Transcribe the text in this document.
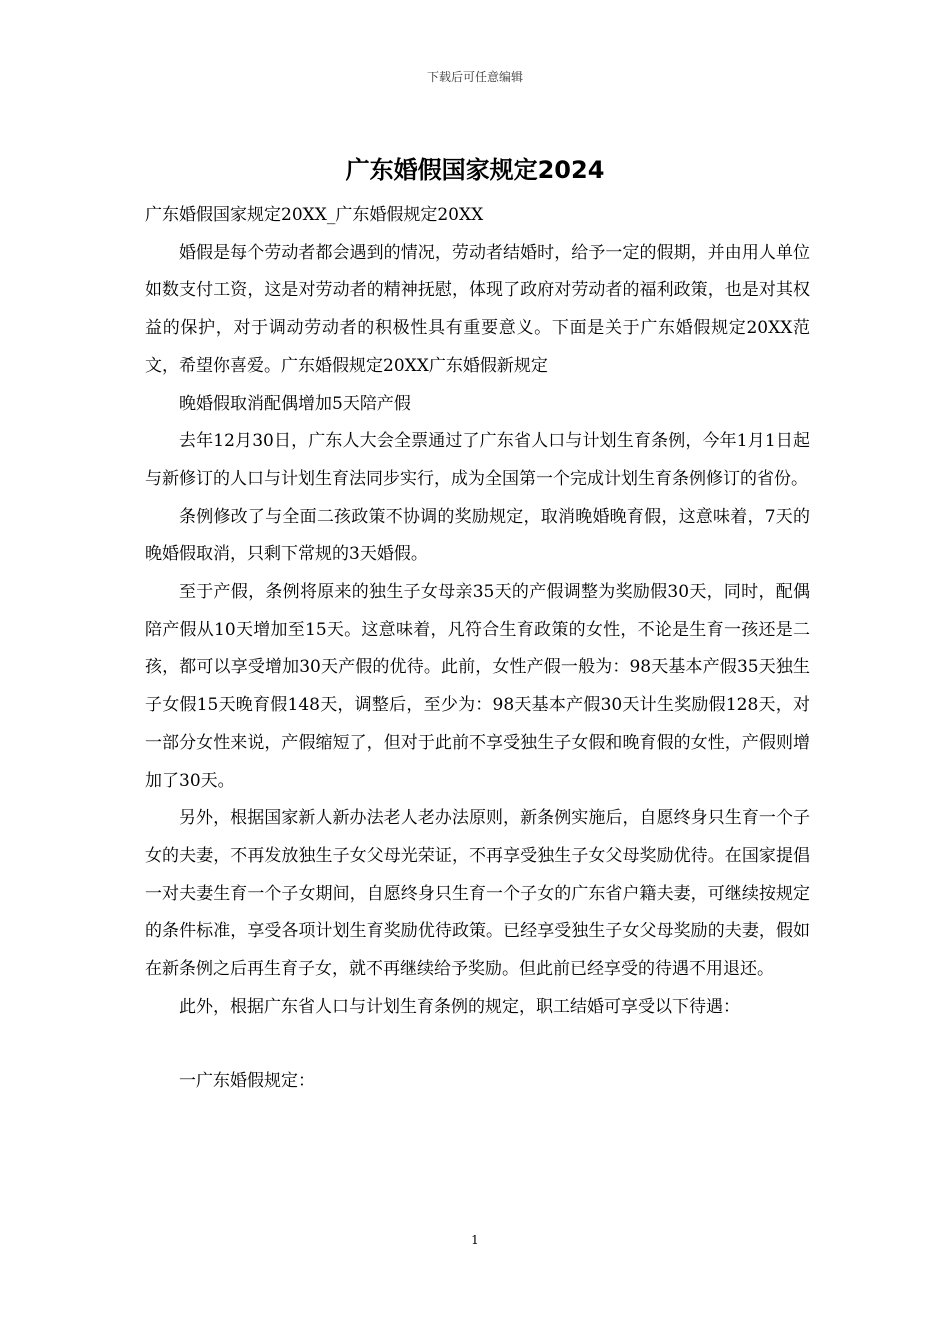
下载后可任意编辑
广东婚假国家规定2024

广东婚假国家规定20XX_广东婚假规定20XX

婚假是每个劳动者都会遇到的情况，劳动者结婚时，给予一定的假期，并由用人单位如数支付工资，这是对劳动者的精神抚慰，体现了政府对劳动者的福利政策，也是对其权益的保护，对于调动劳动者的积极性具有重要意义。下面是关于广东婚假规定20XX范文，希望你喜爱。广东婚假规定20XX广东婚假新规定

晚婚假取消配偶增加5天陪产假

去年12月30日，广东人大会全票通过了广东省人口与计划生育条例，今年1月1日起与新修订的人口与计划生育法同步实行，成为全国第一个完成计划生育条例修订的省份。

条例修改了与全面二孩政策不协调的奖励规定，取消晚婚晚育假，这意味着，7天的晚婚假取消，只剩下常规的3天婚假。

至于产假，条例将原来的独生子女母亲35天的产假调整为奖励假30天，同时，配偶陪产假从10天增加至15天。这意味着，凡符合生育政策的女性，不论是生育一孩还是二孩，都可以享受增加30天产假的优待。此前，女性产假一般为：98天基本产假35天独生子女假15天晚育假148天，调整后，至少为：98天基本产假30天计生奖励假128天，对一部分女性来说，产假缩短了，但对于此前不享受独生子女假和晚育假的女性，产假则增加了30天。

另外，根据国家新人新办法老人老办法原则，新条例实施后，自愿终身只生育一个子女的夫妻，不再发放独生子女父母光荣证，不再享受独生子女父母奖励优待。在国家提倡一对夫妻生育一个子女期间，自愿终身只生育一个子女的广东省户籍夫妻，可继续按规定的条件标准，享受各项计划生育奖励优待政策。已经享受独生子女父母奖励的夫妻，假如在新条例之后再生育子女，就不再继续给予奖励。但此前已经享受的待遇不用退还。

此外，根据广东省人口与计划生育条例的规定，职工结婚可享受以下待遇：

一广东婚假规定：

1
